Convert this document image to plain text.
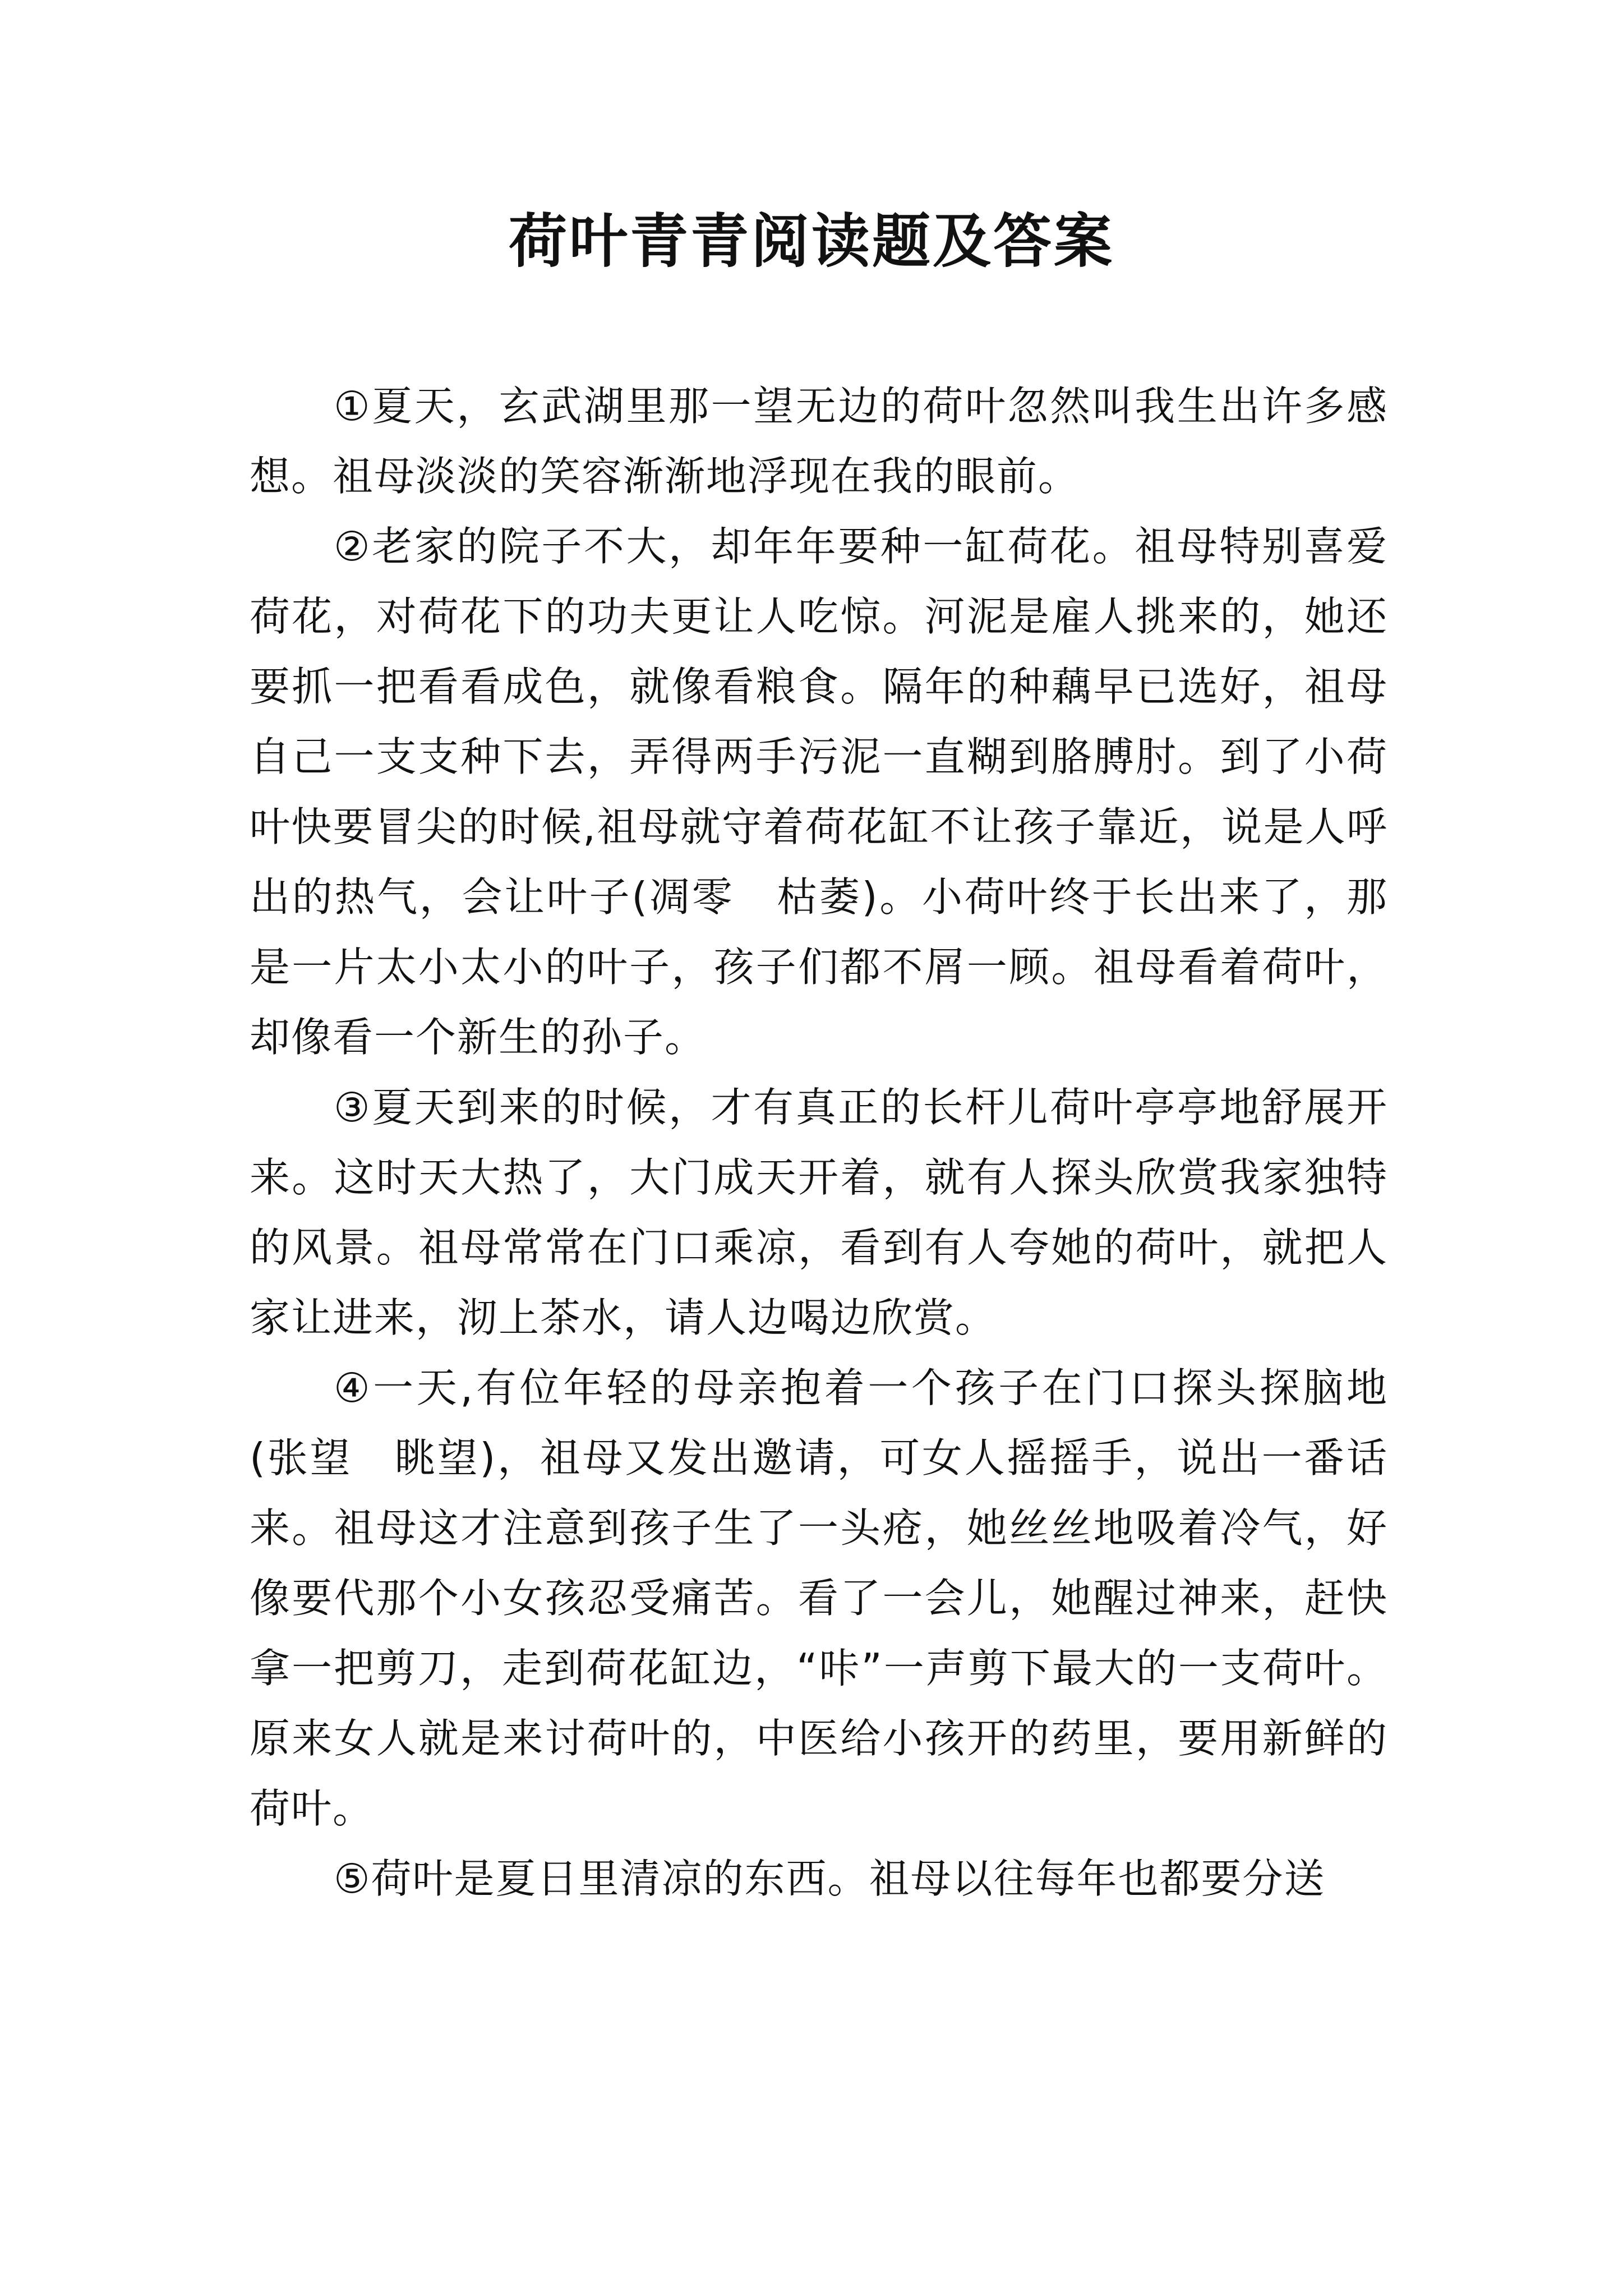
荷叶青青阅读题及答案

①夏天，玄武湖里那一望无边的荷叶忽然叫我生出许多感想。祖母淡淡的笑容渐渐地浮现在我的眼前。

②老家的院子不大，却年年要种一缸荷花。祖母特别喜爱荷花，对荷花下的功夫更让人吃惊。河泥是雇人挑来的，她还要抓一把看看成色，就像看粮食。隔年的种藕早已选好，祖母自己一支支种下去，弄得两手污泥一直糊到胳膊肘。到了小荷叶快要冒尖的时候,祖母就守着荷花缸不让孩子靠近，说是人呼出的热气，会让叶子(凋零　枯萎)。小荷叶终于长出来了，那是一片太小太小的叶子，孩子们都不屑一顾。祖母看着荷叶，却像看一个新生的孙子。

③夏天到来的时候，才有真正的长杆儿荷叶亭亭地舒展开来。这时天大热了，大门成天开着，就有人探头欣赏我家独特的风景。祖母常常在门口乘凉，看到有人夸她的荷叶，就把人家让进来，沏上茶水，请人边喝边欣赏。

④一天,有位年轻的母亲抱着一个孩子在门口探头探脑地(张望　眺望)，祖母又发出邀请，可女人摇摇手，说出一番话来。祖母这才注意到孩子生了一头疮，她丝丝地吸着冷气，好像要代那个小女孩忍受痛苦。看了一会儿，她醒过神来，赶快拿一把剪刀，走到荷花缸边，“咔”一声剪下最大的一支荷叶。原来女人就是来讨荷叶的，中医给小孩开的药里，要用新鲜的荷叶。

⑤荷叶是夏日里清凉的东西。祖母以往每年也都要分送
